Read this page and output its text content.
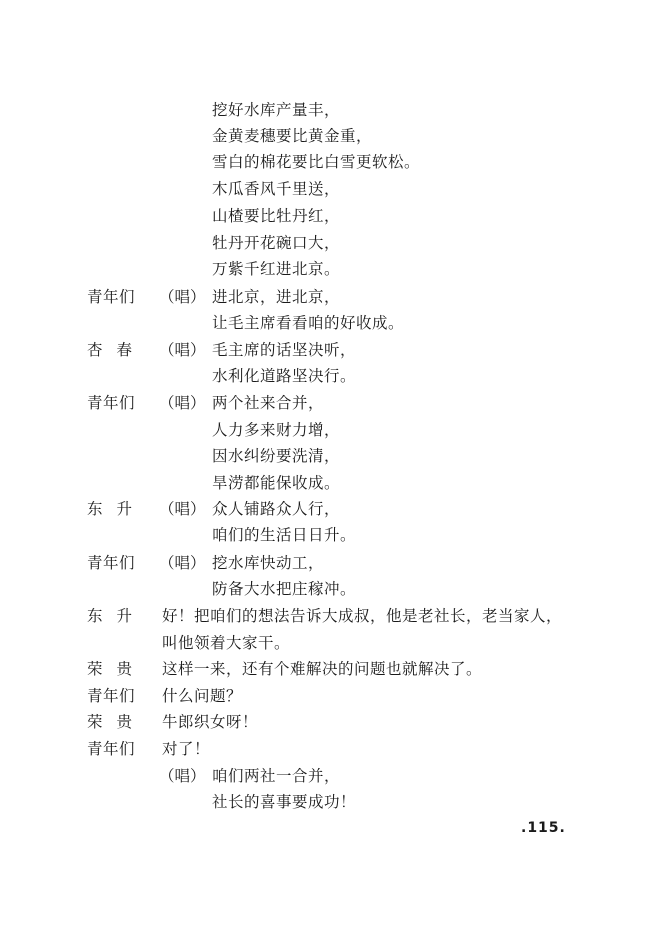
挖好水库产量丰，
金黄麦穗要比黄金重，
雪白的棉花要比白雪更软松。
木瓜香风千里送，
山楂要比牡丹红，
牡丹开花碗口大，
万紫千红进北京。
青年们 （唱） 进北京，进北京，
让毛主席看看咱的好收成。
杏春 （唱） 毛主席的话坚决听，
水利化道路坚决行。
青年们 （唱） 两个社来合并，
人力多来财力增，
因水纠纷要洗清，
旱涝都能保收成。
东升 （唱） 众人铺路众人行，
咱们的生活日日升。
青年们 （唱） 挖水库快动工，
防备大水把庄稼冲。
东升 好！把咱们的想法告诉大成叔，他是老社长，老当家人，
叫他领着大家干。
荣贵 这样一来，还有个难解决的问题也就解决了。
青年们 什么问题？
荣贵 牛郎织女呀！
青年们 对了！
（唱） 咱们两社一合并，
社长的喜事要成功！
.115.
